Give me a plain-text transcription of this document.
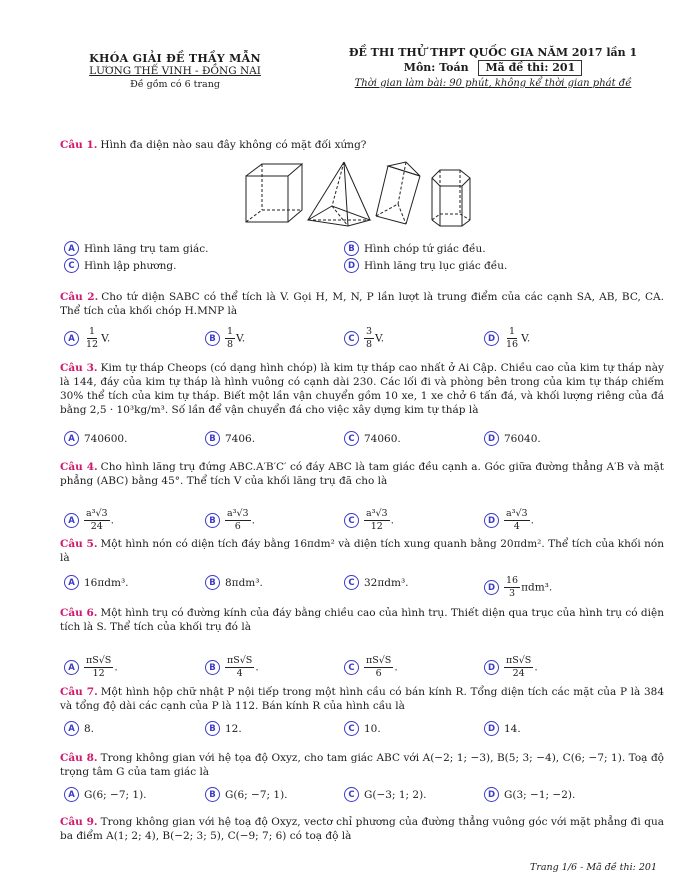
KHÓA GIẢI ĐỀ THẦY MẪN
LƯƠNG THẾ VINH - ĐỒNG NAI
Đề gồm có 6 trang
ĐỀ THI THỬ THPT QUỐC GIA NĂM 2017 lần 1
Môn: Toán Mã đề thi: 201
Thời gian làm bài: 90 phút, không kể thời gian phát đề
Câu 1. Hình đa diện nào sau đây không có mặt đối xứng?
A Hình lăng trụ tam giác.	B Hình chóp tứ giác đều.
C Hình lập phương.	D Hình lăng trụ lục giác đều.
Câu 2. Cho tứ diện SABC có thể tích là V. Gọi H, M, N, P lần lượt là trung điểm của các cạnh SA, AB, BC, CA. Thể tích của khối chóp H.MNP là
A $\frac{1}{12} V$.	B $\frac{1}{8} V$.	C $\frac{3}{8} V$.	D $\frac{1}{16} V$.
Câu 3. Kim tự tháp Cheops (có dạng hình chóp) là kim tự tháp cao nhất ở Ai Cập. Chiều cao của kim tự tháp này là 144, đáy của kim tự tháp là hình vuông có cạnh dài 230. Các lối đi và phòng bên trong của kim tự tháp chiếm 30% thể tích của kim tự tháp. Biết một lần vận chuyển gồm 10 xe, 1 xe chở 6 tấn đá, và khối lượng riêng của đá bằng 2,5 · 10³kg/m³. Số lần để vận chuyển đá cho việc xây dựng kim tự tháp là
A 740600.	B 7406.	C 74060.	D 76040.
Câu 4. Cho hình lăng trụ đứng ABC.A′B′C′ có đáy ABC là tam giác đều cạnh a. Góc giữa đường thẳng A′B và mặt phẳng (ABC) bằng 45°. Thể tích V của khối lăng trụ đã cho là
A $\frac{\text{a³√3}}{24}$ .	B $\frac{\text{a³√3}}{6}$ .	C $\frac{\text{a³√3}}{12}$ .	D $\frac{\text{a³√3}}{4}$ .
Câu 5. Một hình nón có diện tích đáy bằng 16πdm² và diện tích xung quanh bằng 20πdm². Thể tích của khối nón là
A 16πdm³.	B 8πdm³.	C 32πdm³.	D $\frac{16}{3} \pi dm^3$.
Câu 6. Một hình trụ có đường kính của đáy bằng chiều cao của hình trụ. Thiết diện qua trục của hình trụ có diện tích là S. Thể tích của khối trụ đó là
A $\frac{\pi S√S}{12}$ .	B $\frac{\pi S√S}{4}$ .	C $\frac{\pi S√S}{6}$ .	D $\frac{\pi S√S}{24}$ .
Câu 7. Một hình hộp chữ nhật P nội tiếp trong một hình cầu có bán kính R. Tổng diện tích các mặt của P là 384 và tổng độ dài các cạnh của P là 112. Bán kính R của hình cầu là
A 8.	B 12.	C 10.	D 14.
Câu 8. Trong không gian với hệ tọa độ Oxyz, cho tam giác ABC với A(−2; 1; −3), B(5; 3; −4), C(6; −7; 1). Toạ độ trọng tâm G của tam giác là
A G(6; −7; 1).	B G(6; −7; 1).	C G(−3; 1; 2).	D G(3; −1; −2).
Câu 9. Trong không gian với hệ toạ độ Oxyz, vectơ chỉ phương của đường thẳng vuông góc với mặt phẳng đi qua ba điểm A(1; 2; 4), B(−2; 3; 5), C(−9; 7; 6) có toạ độ là
Trang 1/6 - Mã đề thi: 201
